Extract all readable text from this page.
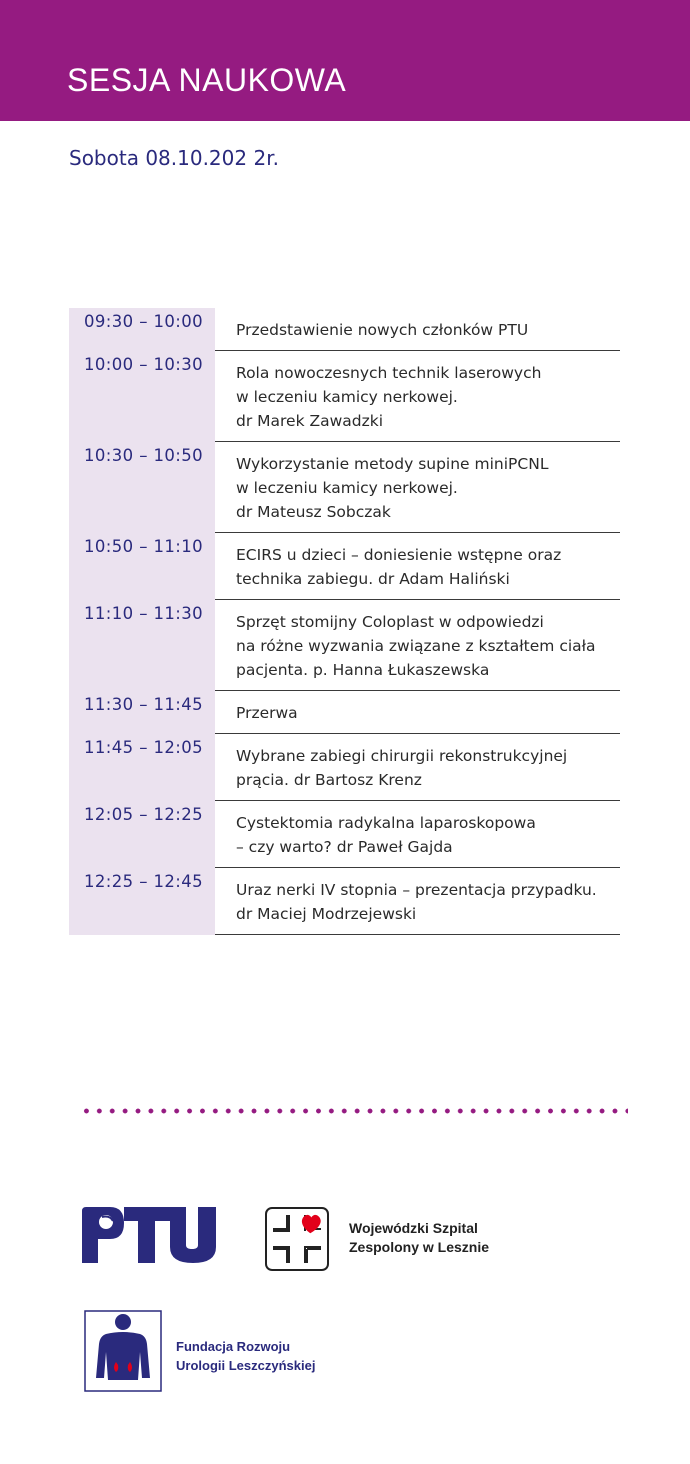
SESJA NAUKOWA
Sobota 08.10.202 2r.
09:30 – 10:00	Przedstawienie nowych członków PTU
10:00 – 10:30	Rola nowoczesnych technik laserowych
w leczeniu kamicy nerkowej.
dr Marek Zawadzki
10:30 – 10:50	Wykorzystanie metody supine miniPCNL
w leczeniu kamicy nerkowej.
dr Mateusz Sobczak
10:50 – 11:10	ECIRS u dzieci – doniesienie wstępne oraz
technika zabiegu. dr Adam Haliński
11:10 – 11:30	Sprzęt stomijny Coloplast w odpowiedzi
na różne wyzwania związane z kształtem ciała
pacjenta. p. Hanna Łukaszewska
11:30 – 11:45	Przerwa
11:45 – 12:05	Wybrane zabiegi chirurgii rekonstrukcyjnej
prącia. dr Bartosz Krenz
12:05 – 12:25	Cystektomia radykalna laparoskopowa
– czy warto? dr Paweł Gajda
12:25 – 12:45	Uraz nerki IV stopnia – prezentacja przypadku.
dr Maciej Modrzejewski
Wojewódzki Szpital
Zespolony w Lesznie
Fundacja Rozwoju
Urologii Leszczyńskiej
